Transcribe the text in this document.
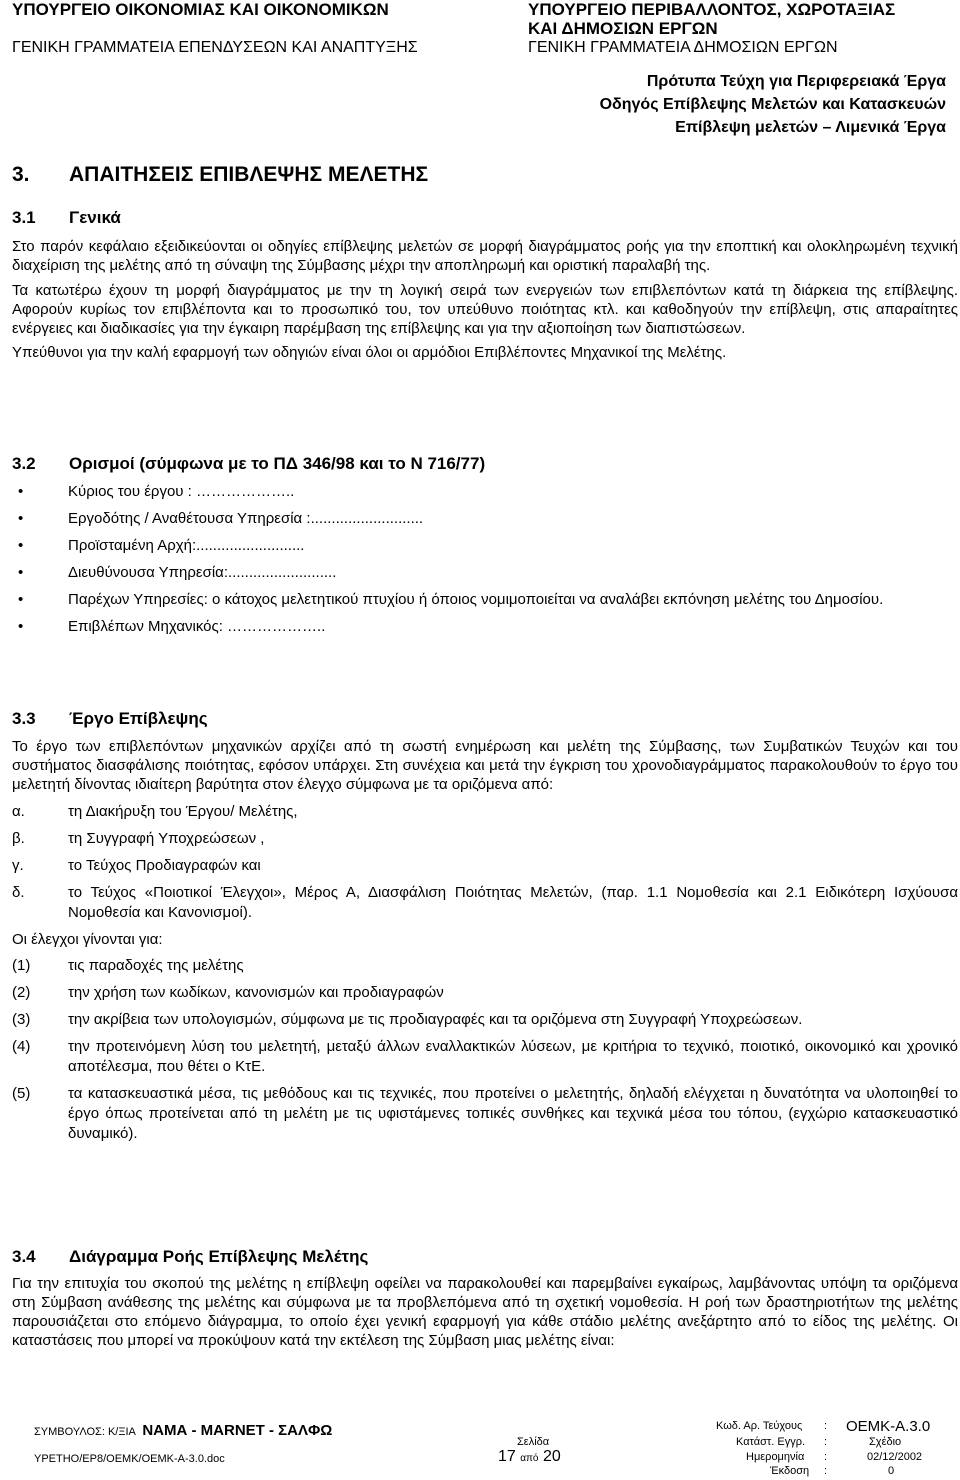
ΥΠΟΥΡΓΕΙΟ ΟΙΚΟΝΟΜΙΑΣ ΚΑΙ ΟΙΚΟΝΟΜΙΚΩΝ
ΓΕΝΙΚΗ ΓΡΑΜΜΑΤΕΙΑ ΕΠΕΝΔΥΣΕΩΝ ΚΑΙ ΑΝΑΠΤΥΞΗΣ
ΥΠΟΥΡΓΕΙΟ ΠΕΡΙΒΑΛΛΟΝΤΟΣ, ΧΩΡΟΤΑΞΙΑΣ
ΚΑΙ ΔΗΜΟΣΙΩΝ ΕΡΓΩΝ
ΓΕΝΙΚΗ ΓΡΑΜΜΑΤΕΙΑ ΔΗΜΟΣΙΩΝ ΕΡΓΩΝ
Πρότυπα Τεύχη για Περιφερειακά Έργα
Οδηγός Επίβλεψης Μελετών και Κατασκευών
Επίβλεψη μελετών – Λιμενικά Έργα
3.	ΑΠΑΙΤΗΣΕΙΣ ΕΠΙΒΛΕΨΗΣ ΜΕΛΕΤΗΣ
3.1	Γενικά

Στο παρόν κεφάλαιο εξειδικεύονται οι οδηγίες επίβλεψης μελετών σε μορφή διαγράμματος ροής για την εποπτική και ολοκληρωμένη τεχνική διαχείριση της μελέτης από τη σύναψη της Σύμβασης μέχρι την αποπληρωμή και οριστική παραλαβή της.

Τα κατωτέρω έχουν τη μορφή διαγράμματος με την τη λογική σειρά των ενεργειών των επιβλεπόντων κατά τη διάρκεια της επίβλεψης. Αφορούν κυρίως τον επιβλέποντα και το προσωπικό του, τον υπεύθυνο ποιότητας κτλ. και καθοδηγούν την επίβλεψη, στις απαραίτητες ενέργειες και διαδικασίες για την έγκαιρη παρέμβαση της επίβλεψης και για την αξιοποίηση των διαπιστώσεων.

Υπεύθυνοι για την καλή εφαρμογή των οδηγιών είναι όλοι οι αρμόδιοι Επιβλέποντες Μηχανικοί της Μελέτης.

3.2	Ορισμοί (σύμφωνα με το ΠΔ 346/98 και το Ν 716/77)
• Κύριος του έργου : ………………..
• Εργοδότης / Αναθέτουσα Υπηρεσία :...........................
• Προϊσταμένη Αρχή:..........................
• Διευθύνουσα Υπηρεσία:..........................
• Παρέχων Υπηρεσίες: ο κάτοχος μελετητικού πτυχίου ή όποιος νομιμοποιείται να αναλάβει εκπόνηση μελέτης του Δημοσίου.
• Επιβλέπων Μηχανικός: ………………..
3.3	Έργο Επίβλεψης

Το έργο των επιβλεπόντων μηχανικών αρχίζει από τη σωστή ενημέρωση και μελέτη της Σύμβασης, των Συμβατικών Τευχών και του συστήματος διασφάλισης ποιότητας, εφόσον υπάρχει. Στη συνέχεια και μετά την έγκριση του χρονοδιαγράμματος παρακολουθούν το έργο του μελετητή δίνοντας ιδιαίτερη βαρύτητα στον έλεγχο σύμφωνα με τα οριζόμενα από:

α.	τη Διακήρυξη του Έργου/ Μελέτης,
β.	τη Συγγραφή Υποχρεώσεων ,
γ.	το Τεύχος Προδιαγραφών και
δ.	το Τεύχος «Ποιοτικοί Έλεγχοι», Μέρος Α, Διασφάλιση Ποιότητας Μελετών, (παρ. 1.1 Νομοθεσία και 2.1 Ειδικότερη Ισχύουσα Νομοθεσία και Κανονισμοί).

Οι έλεγχοι γίνονται για:

(1)	τις παραδοχές της μελέτης
(2)	την χρήση των κωδίκων, κανονισμών και προδιαγραφών
(3)	την ακρίβεια των υπολογισμών, σύμφωνα με τις προδιαγραφές και τα οριζόμενα στη Συγγραφή Υποχρεώσεων.
(4)	την προτεινόμενη λύση του μελετητή, μεταξύ άλλων εναλλακτικών λύσεων, με κριτήρια το τεχνικό, ποιοτικό, οικονομικό και χρονικό αποτέλεσμα, που θέτει ο ΚτΕ.
(5)	τα κατασκευαστικά μέσα, τις μεθόδους και τις τεχνικές, που προτείνει ο μελετητής, δηλαδή ελέγχεται η δυνατότητα να υλοποιηθεί το έργο όπως προτείνεται από τη μελέτη με τις υφιστάμενες τοπικές συνθήκες και τεχνικά μέσα του τόπου, (εγχώριο κατασκευαστικό δυναμικό).
3.4	Διάγραμμα Ροής Επίβλεψης Μελέτης

Για την επιτυχία του σκοπού της μελέτης η επίβλεψη οφείλει να παρακολουθεί και παρεμβαίνει εγκαίρως, λαμβάνοντας υπόψη τα οριζόμενα στη Σύμβαση ανάθεσης της μελέτης και σύμφωνα με τα προβλεπόμενα από τη σχετική νομοθεσία. Η ροή των δραστηριοτήτων της μελέτης παρουσιάζεται στο επόμενο διάγραμμα, το οποίο έχει γενική εφαρμογή για κάθε στάδιο μελέτης ανεξάρτητο από το είδος της μελέτης. Οι καταστάσεις που μπορεί να προκύψουν κατά την εκτέλεση της Σύμβαση μιας μελέτης είναι:

ΣΥΜΒΟΥΛΟΣ: Κ/ΞΙΑ ΝΑΜΑ - ΜΑRΝΕΤ - ΣΑΛΦΩ
ΥΡΕΤΗΟ/ΕΡ8/ΟΕΜΚ/ΟΕΜΚ-Α-3.0.doc
Σελίδα
17 από 20
Κωδ. Αρ. Τεύχους : ΟΕΜΚ-Α.3.0
Κατάστ. Εγγρ. :	Σχέδιο
Ημερομηνία :	02/12/2002
Έκδοση :	0
